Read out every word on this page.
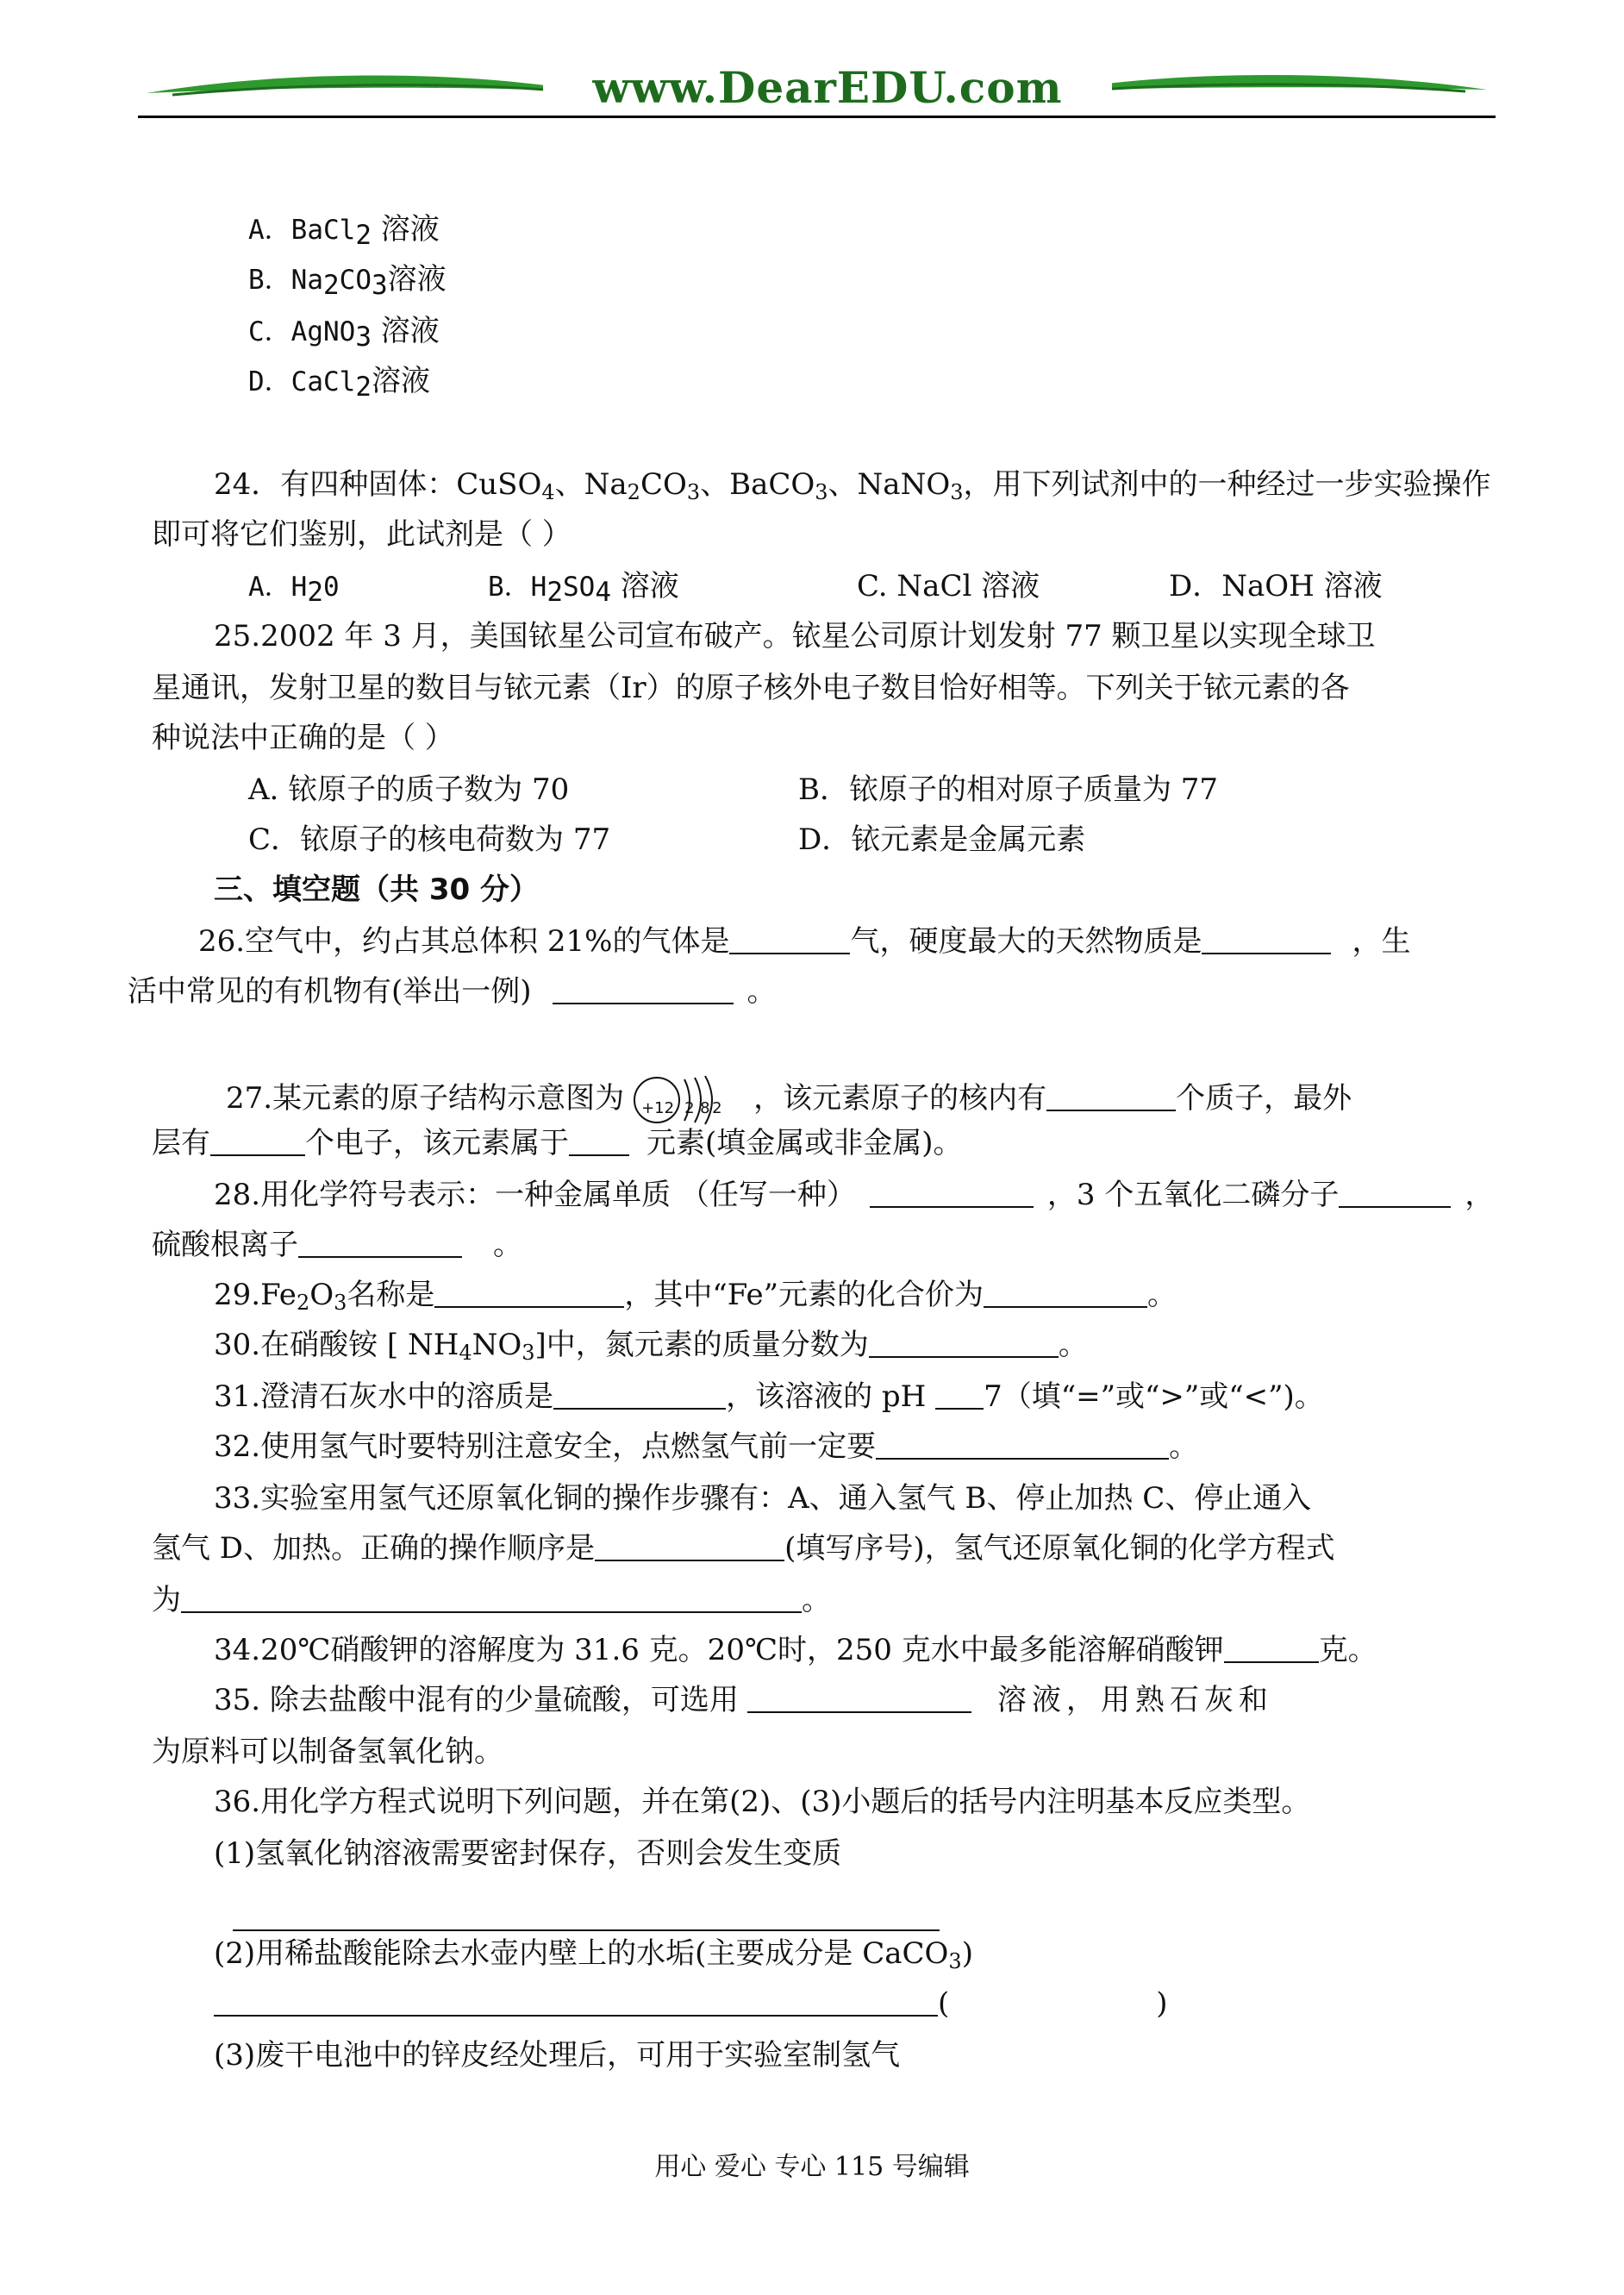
www.DearEDU.com
A．BaCl2 溶液
B．Na2CO3溶液
C．AgNO3 溶液
D．CaCl2溶液
24．有四种固体：CuSO$_4$、$Na_2CO_3$、BaCO$_3$、NaNO$_3$，用下列试剂中的一种经过一步实验操作
即可将它们鉴别，此试剂是（ ）
A．H20	B．H2SO4 溶液	C. NaCl 溶液	D．NaOH 溶液
25.2002 年 3 月，美国铱星公司宣布破产。铱星公司原计划发射 77 颗卫星以实现全球卫
星通讯，发射卫星的数目与铱元素（Ir）的原子核外电子数目恰好相等。下列关于铱元素的各
种说法中正确的是（ ）
A. 铱原子的质子数为 70	B．铱原子的相对原子质量为 77
C．铱原子的核电荷数为 77	D．铱元素是金属元素
三、填空题（共 30 分）
26.空气中，约占其总体积 21%的气体是	气，硬度最大的天然物质是	，生
活中常见的有机物有(举出一例)	。
27.某元素的原子结构示意图为 +12 2 8 2 ，该元素原子的核内有	个质子，最外
层有	个电子，该元素属于	元素(填金属或非金属)。
28.用化学符号表示：一种金属单质 （任写一种）	，3 个五氧化二磷分子	，
硫酸根离子	。
$29.Fe_2O_3$名称是	，其中“Fe”元素的化合价为	。
30.在硝酸铵 [ $NH_4NO_3$]中，氮元素的质量分数为	。
31.澄清石灰水中的溶质是	，该溶液的 pH 7（填“=”或“>”或“<”)。
32.使用氢气时要特别注意安全，点燃氢气前一定要	。
33.实验室用氢气还原氧化铜的操作步骤有：A、通入氢气 B、停止加热 C、停止通入
氢气 D、加热。正确的操作顺序是	(填写序号)，氢气还原氧化铜的化学方程式
为	。
34.20℃硝酸钾的溶解度为 31.6 克。20℃时，250 克水中最多能溶解硝酸钾	克。
35. 除去盐酸中混有的少量硫酸，可选用	溶液，用熟石灰和
为原料可以制备氢氧化钠。
36.用化学方程式说明下列问题，并在第(2)、(3)小题后的括号内注明基本反应类型。
(1)氢氧化钠溶液需要密封保存，否则会发生变质
(2)用稀盐酸能除去水壶内壁上的水垢(主要成分是 CaCO$_3$)
(	)
(3)废干电池中的锌皮经处理后，可用于实验室制氢气
用心 爱心 专心 115 号编辑
